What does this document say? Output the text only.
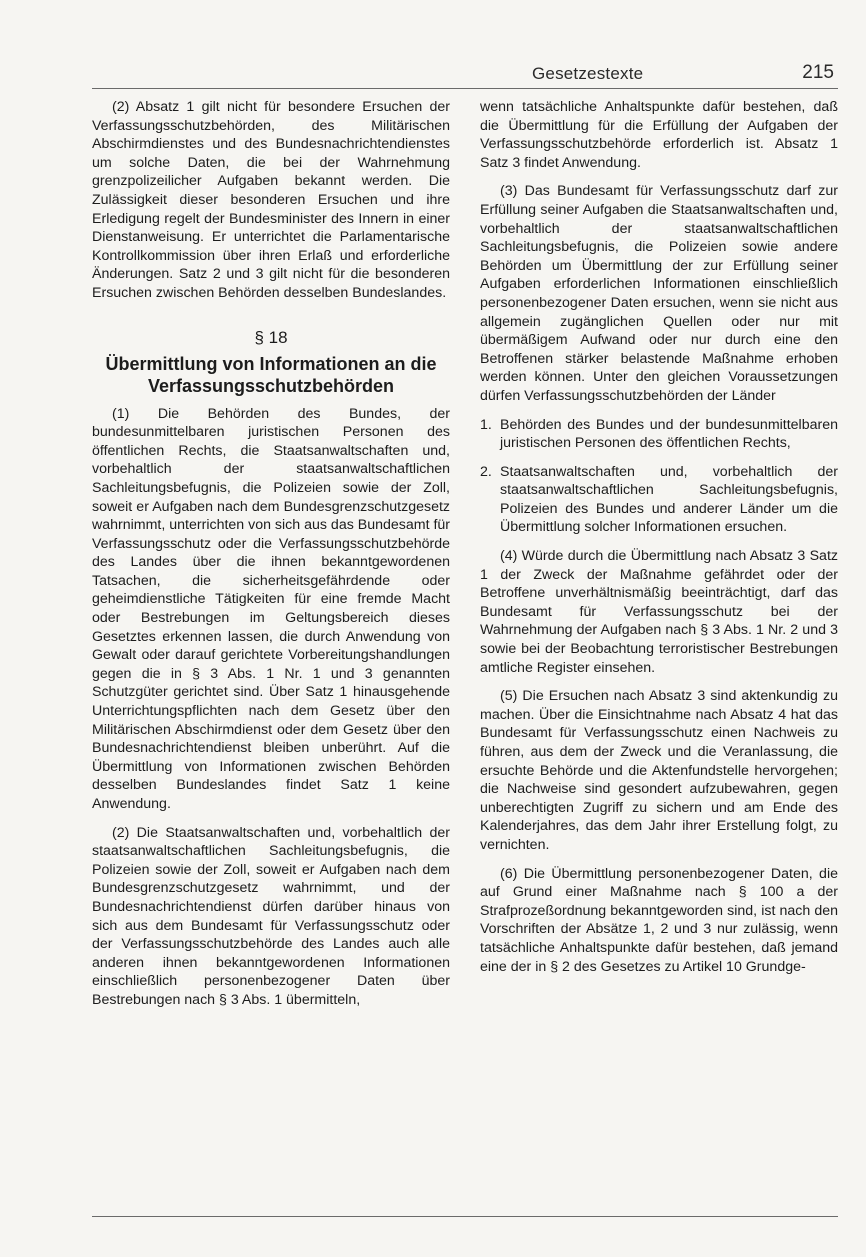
Gesetzestexte	215

(2) Absatz 1 gilt nicht für besondere Ersuchen der Verfassungsschutzbehörden, des Militärischen Abschirmdienstes und des Bundesnachrichtendienstes um solche Daten, die bei der Wahrnehmung grenzpolizeilicher Aufgaben bekannt werden. Die Zulässigkeit dieser besonderen Ersuchen und ihre Erledigung regelt der Bundesminister des Innern in einer Dienstanweisung. Er unterrichtet die Parlamentarische Kontrollkommission über ihren Erlaß und erforderliche Änderungen. Satz 2 und 3 gilt nicht für die besonderen Ersuchen zwischen Behörden desselben Bundeslandes.

§ 18
Übermittlung von Informationen an die Verfassungsschutzbehörden

(1) Die Behörden des Bundes, der bundesunmittelbaren juristischen Personen des öffentlichen Rechts, die Staatsanwaltschaften und, vorbehaltlich der staatsanwaltschaftlichen Sachleitungsbefugnis, die Polizeien sowie der Zoll, soweit er Aufgaben nach dem Bundesgrenzschutzgesetz wahrnimmt, unterrichten von sich aus das Bundesamt für Verfassungsschutz oder die Verfassungsschutzbehörde des Landes über die ihnen bekanntgewordenen Tatsachen, die sicherheitsgefährdende oder geheimdienstliche Tätigkeiten für eine fremde Macht oder Bestrebungen im Geltungsbereich dieses Gesetztes erkennen lassen, die durch Anwendung von Gewalt oder darauf gerichtete Vorbereitungshandlungen gegen die in § 3 Abs. 1 Nr. 1 und 3 genannten Schutzgüter gerichtet sind. Über Satz 1 hinausgehende Unterrichtungspflichten nach dem Gesetz über den Militärischen Abschirmdienst oder dem Gesetz über den Bundesnachrichtendienst bleiben unberührt. Auf die Übermittlung von Informationen zwischen Behörden desselben Bundeslandes findet Satz 1 keine Anwendung.

(2) Die Staatsanwaltschaften und, vorbehaltlich der staatsanwaltschaftlichen Sachleitungsbefugnis, die Polizeien sowie der Zoll, soweit er Aufgaben nach dem Bundesgrenzschutzgesetz wahrnimmt, und der Bundesnachrichtendienst dürfen darüber hinaus von sich aus dem Bundesamt für Verfassungsschutz oder der Verfassungsschutzbehörde des Landes auch alle anderen ihnen bekanntgewordenen Informationen einschließlich personenbezogener Daten über Bestrebungen nach § 3 Abs. 1 übermitteln,

wenn tatsächliche Anhaltspunkte dafür bestehen, daß die Übermittlung für die Erfüllung der Aufgaben der Verfassungsschutzbehörde erforderlich ist. Absatz 1 Satz 3 findet Anwendung.

(3) Das Bundesamt für Verfassungsschutz darf zur Erfüllung seiner Aufgaben die Staatsanwaltschaften und, vorbehaltlich der staatsanwaltschaftlichen Sachleitungsbefugnis, die Polizeien sowie andere Behörden um Übermittlung der zur Erfüllung seiner Aufgaben erforderlichen Informationen einschließlich personenbezogener Daten ersuchen, wenn sie nicht aus allgemein zugänglichen Quellen oder nur mit übermäßigem Aufwand oder nur durch eine den Betroffenen stärker belastende Maßnahme erhoben werden können. Unter den gleichen Voraussetzungen dürfen Verfassungsschutzbehörden der Länder

1. Behörden des Bundes und der bundesunmittelbaren juristischen Personen des öffentlichen Rechts,
2. Staatsanwaltschaften und, vorbehaltlich der staatsanwaltschaftlichen Sachleitungsbefugnis, Polizeien des Bundes und anderer Länder um die Übermittlung solcher Informationen ersuchen.

(4) Würde durch die Übermittlung nach Absatz 3 Satz 1 der Zweck der Maßnahme gefährdet oder der Betroffene unverhältnismäßig beeinträchtigt, darf das Bundesamt für Verfassungsschutz bei der Wahrnehmung der Aufgaben nach § 3 Abs. 1 Nr. 2 und 3 sowie bei der Beobachtung terroristischer Bestrebungen amtliche Register einsehen.

(5) Die Ersuchen nach Absatz 3 sind aktenkundig zu machen. Über die Einsichtnahme nach Absatz 4 hat das Bundesamt für Verfassungsschutz einen Nachweis zu führen, aus dem der Zweck und die Veranlassung, die ersuchte Behörde und die Aktenfundstelle hervorgehen; die Nachweise sind gesondert aufzubewahren, gegen unberechtigten Zugriff zu sichern und am Ende des Kalenderjahres, das dem Jahr ihrer Erstellung folgt, zu vernichten.

(6) Die Übermittlung personenbezogener Daten, die auf Grund einer Maßnahme nach § 100 a der Strafprozeßordnung bekanntgeworden sind, ist nach den Vorschriften der Absätze 1, 2 und 3 nur zulässig, wenn tatsächliche Anhaltspunkte dafür bestehen, daß jemand eine der in § 2 des Gesetzes zu Artikel 10 Grundge-
